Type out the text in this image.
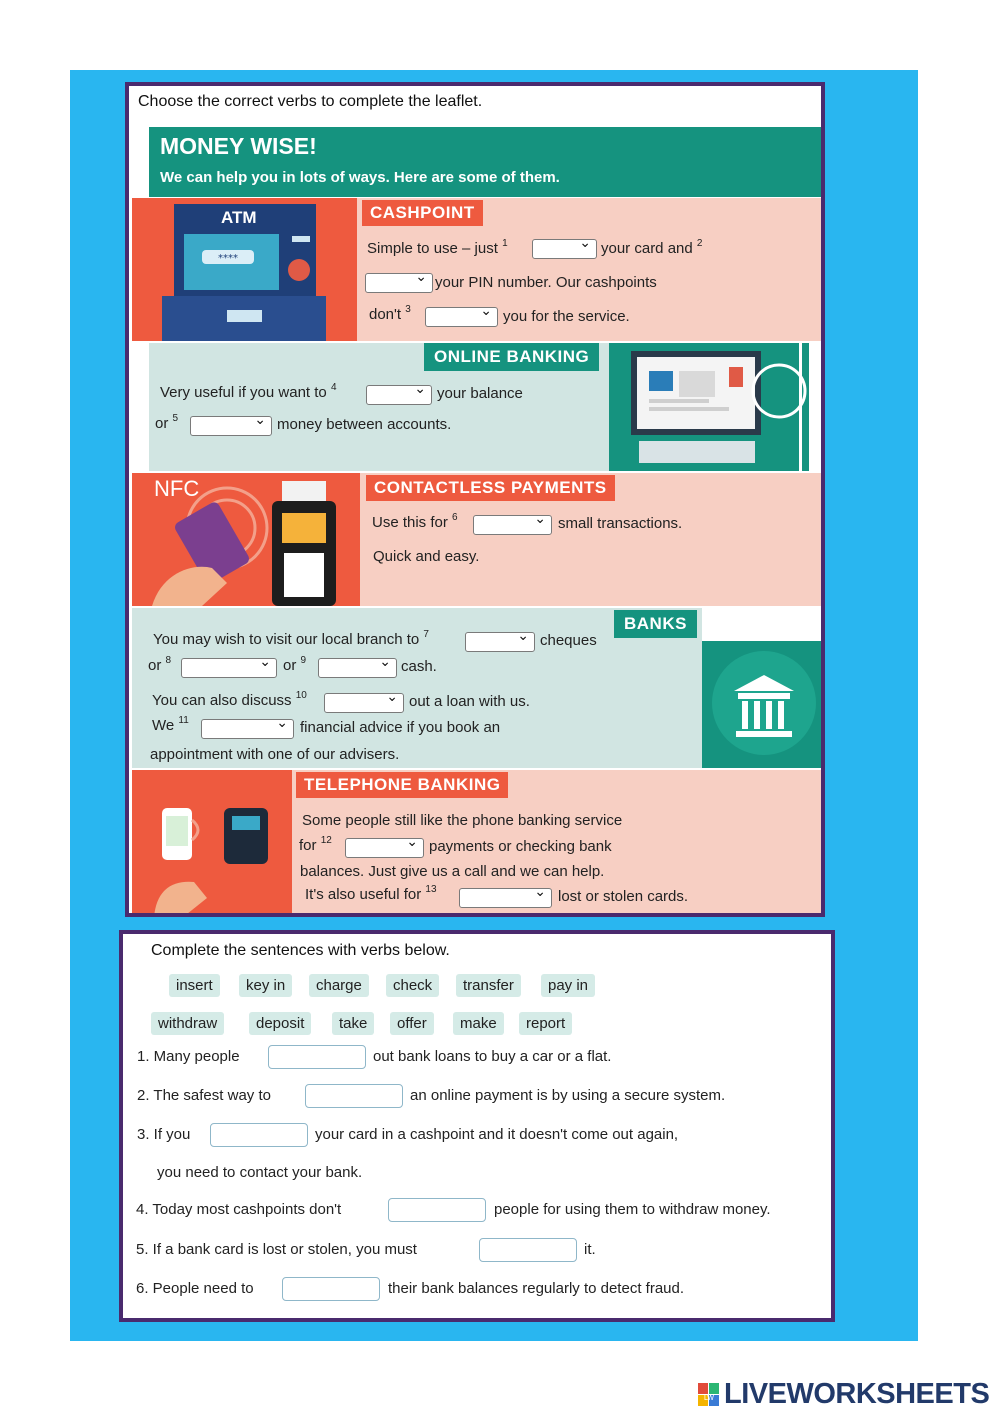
Choose the correct verbs to complete the leaflet.
MONEY WISE!
We can help you in lots of ways. Here are some of them.
****
ATM	CASHPOINT
Simple to use – just $^1$ ⌄	your card and $^2$
⌄
your PIN number. Our cashpoints
don't $^3$ ⌄	you for the service.
ONLINE BANKING
Very useful if you want to $^4$ ⌄	your balance
or $^5$ ⌄	money between accounts.
NFC	CONTACTLESS PAYMENTS
Use this for $^6$ ⌄	small transactions.
Quick and easy.
BANKS
You may wish to visit our local branch to $^7$ ⌄	cheques
or $^8$ ⌄	or $^9$ ⌄	cash.
You can also discuss $^{10}$ ⌄	out a loan with us.
We $^{11}$ ⌄	financial advice if you book an
appointment with one of our advisers.
TELEPHONE BANKING
Some people still like the phone banking service
for $^{12}$ ⌄	payments or checking bank
balances. Just give us a call and we can help.
It's also useful for $^{13}$ ⌄	lost or stolen cards.
Complete the sentences with verbs below.
insert	key in	charge	check	transfer	pay in
withdraw	deposit	take	offer	make	report
1. Many people	out bank loans to buy a car or a flat.
2. The safest way to	an online payment is by using a secure system.
3. If you	your card in a cashpoint and it doesn't come out again,
you need to contact your bank.
4. Today most cashpoints don't	people for using them to withdraw money.
5. If a bank card is lost or stolen, you must	it.
6. People need to	their bank balances regularly to detect fraud.
LW LIVEWORKSHEETS
